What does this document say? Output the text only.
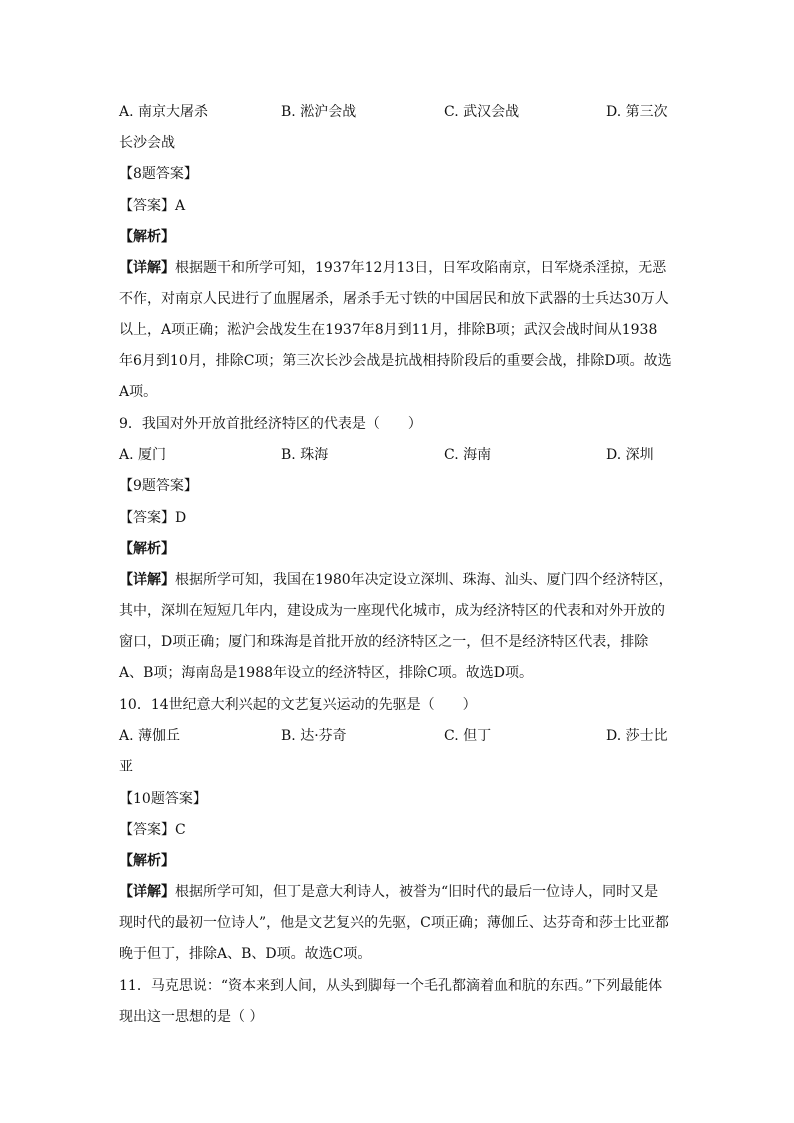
A. 南京大屠杀	B. 淞沪会战	C. 武汉会战	D. 第三次
长沙会战
【8题答案】
【答案】A
【解析】
【详解】根据题干和所学可知，1937年12月13日，日军攻陷南京，日军烧杀淫掠，无恶
不作，对南京人民进行了血腥屠杀，屠杀手无寸铁的中国居民和放下武器的士兵达30万人
以上，A项正确；淞沪会战发生在1937年8月到11月，排除B项；武汉会战时间从1938
年6月到10月，排除C项；第三次长沙会战是抗战相持阶段后的重要会战，排除D项。故选
A项。
9．我国对外开放首批经济特区的代表是（　　）
A. 厦门	B. 珠海	C. 海南	D. 深圳
【9题答案】
【答案】D
【解析】
【详解】根据所学可知，我国在1980年决定设立深圳、珠海、汕头、厦门四个经济特区，
其中，深圳在短短几年内，建设成为一座现代化城市，成为经济特区的代表和对外开放的
窗口，D项正确；厦门和珠海是首批开放的经济特区之一，但不是经济特区代表，排除
A、B项；海南岛是1988年设立的经济特区，排除C项。故选D项。
10．14世纪意大利兴起的文艺复兴运动的先驱是（　　）
A. 薄伽丘	B. 达·芬奇	C. 但丁	D. 莎士比
亚
【10题答案】
【答案】C
【解析】
【详解】根据所学可知，但丁是意大利诗人，被誉为“旧时代的最后一位诗人，同时又是
现时代的最初一位诗人”，他是文艺复兴的先驱，C项正确；薄伽丘、达芬奇和莎士比亚都
晚于但丁，排除A、B、D项。故选C项。
11．马克思说：“资本来到人间，从头到脚每一个毛孔都滴着血和肮的东西。”下列最能体
现出这一思想的是（ ）
